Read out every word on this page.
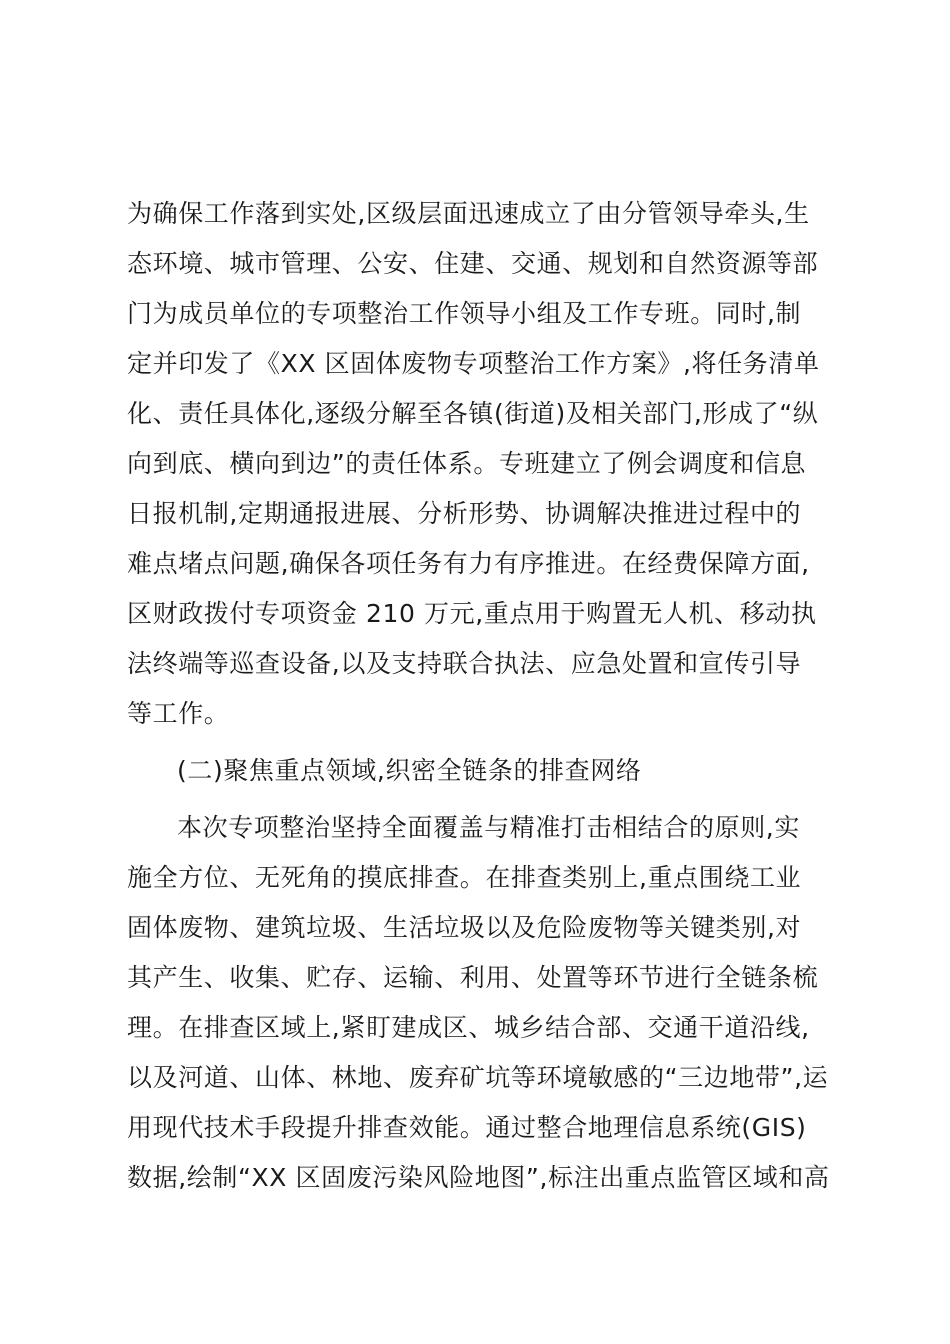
为确保工作落到实处,区级层面迅速成立了由分管领导牵头,生
态环境、城市管理、公安、住建、交通、规划和自然资源等部
门为成员单位的专项整治工作领导小组及工作专班。同时,制
定并印发了《XX 区固体废物专项整治工作方案》,将任务清单
化、责任具体化,逐级分解至各镇(街道)及相关部门,形成了“纵
向到底、横向到边”的责任体系。专班建立了例会调度和信息
日报机制,定期通报进展、分析形势、协调解决推进过程中的
难点堵点问题,确保各项任务有力有序推进。在经费保障方面,
区财政拨付专项资金 210 万元,重点用于购置无人机、移动执
法终端等巡查设备,以及支持联合执法、应急处置和宣传引导
等工作。
(二)聚焦重点领域,织密全链条的排查网络
本次专项整治坚持全面覆盖与精准打击相结合的原则,实
施全方位、无死角的摸底排查。在排查类别上,重点围绕工业
固体废物、建筑垃圾、生活垃圾以及危险废物等关键类别,对
其产生、收集、贮存、运输、利用、处置等环节进行全链条梳
理。在排查区域上,紧盯建成区、城乡结合部、交通干道沿线,
以及河道、山体、林地、废弃矿坑等环境敏感的“三边地带”,运
用现代技术手段提升排查效能。通过整合地理信息系统(GIS)
数据,绘制“XX 区固废污染风险地图”,标注出重点监管区域和高
